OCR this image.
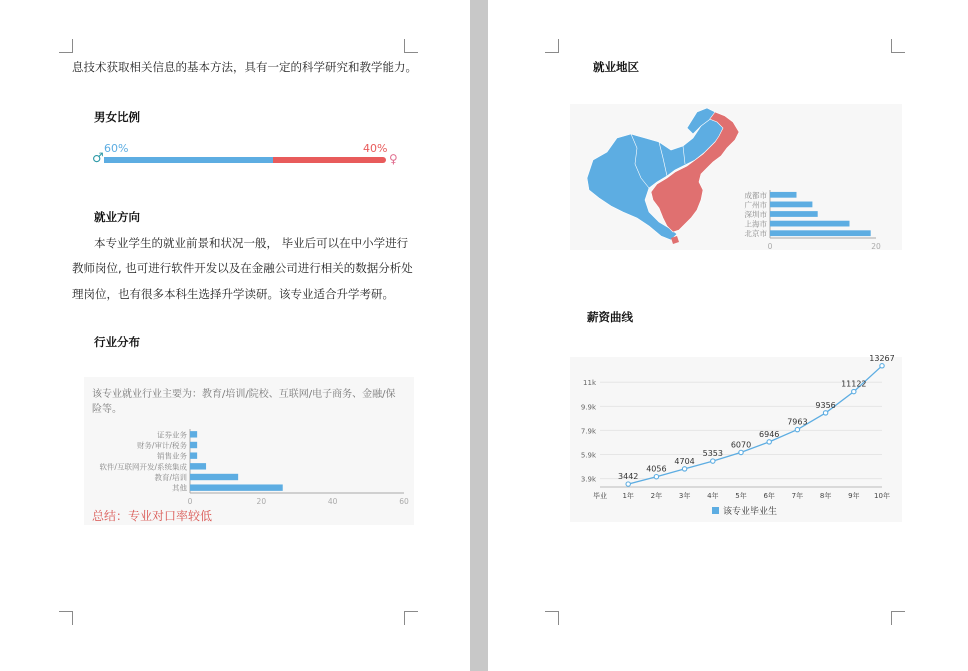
息技术获取相关信息的基本方法，具有一定的科学研究和教学能力。
男女比例
♂
60%	40%
♀
就业方向
本专业学生的就业前景和状况一般， 毕业后可以在中小学进行
教师岗位, 也可进行软件开发以及在金融公司进行相关的数据分析处
理岗位，也有很多本科生选择升学读研。该专业适合升学考研。
行业分布
该专业就业行业主要为：教育/培训/院校、互联网/电子商务、金融/保
险等。
证券业务
财务/审计/税务
销售业务
软件/互联网开发/系统集成
教育/培训
其他
0	20	40	60
总结：专业对口率较低
就业地区
成都市
广州市
深圳市
上海市
北京市
0	20
薪资曲线
3.9k
5.9k
7.9k
9.9k
11k
毕业 1年 2年 3年 4年 5年 6年 7年 8年 9年 10年
3442
4056
4704
5353
6070
6946
7963
9356
11122
13267
该专业毕业生
